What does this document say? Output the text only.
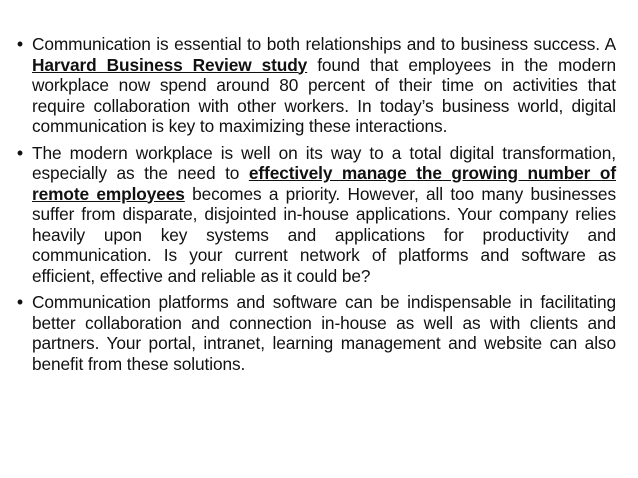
• Communication is essential to both relationships and to business success. A Harvard Business Review study found that employees in the modern workplace now spend around 80 percent of their time on activities that require collaboration with other workers. In today’s business world, digital communication is key to maximizing these interactions.
• The modern workplace is well on its way to a total digital transformation, especially as the need to effectively manage the growing number of remote employees becomes a priority. However, all too many businesses suffer from disparate, disjointed in-house applications. Your company relies heavily upon key systems and applications for productivity and communication. Is your current network of platforms and software as efficient, effective and reliable as it could be?
• Communication platforms and software can be indispensable in facilitating better collaboration and connection in-house as well as with clients and partners. Your portal, intranet, learning management and website can also benefit from these solutions.
